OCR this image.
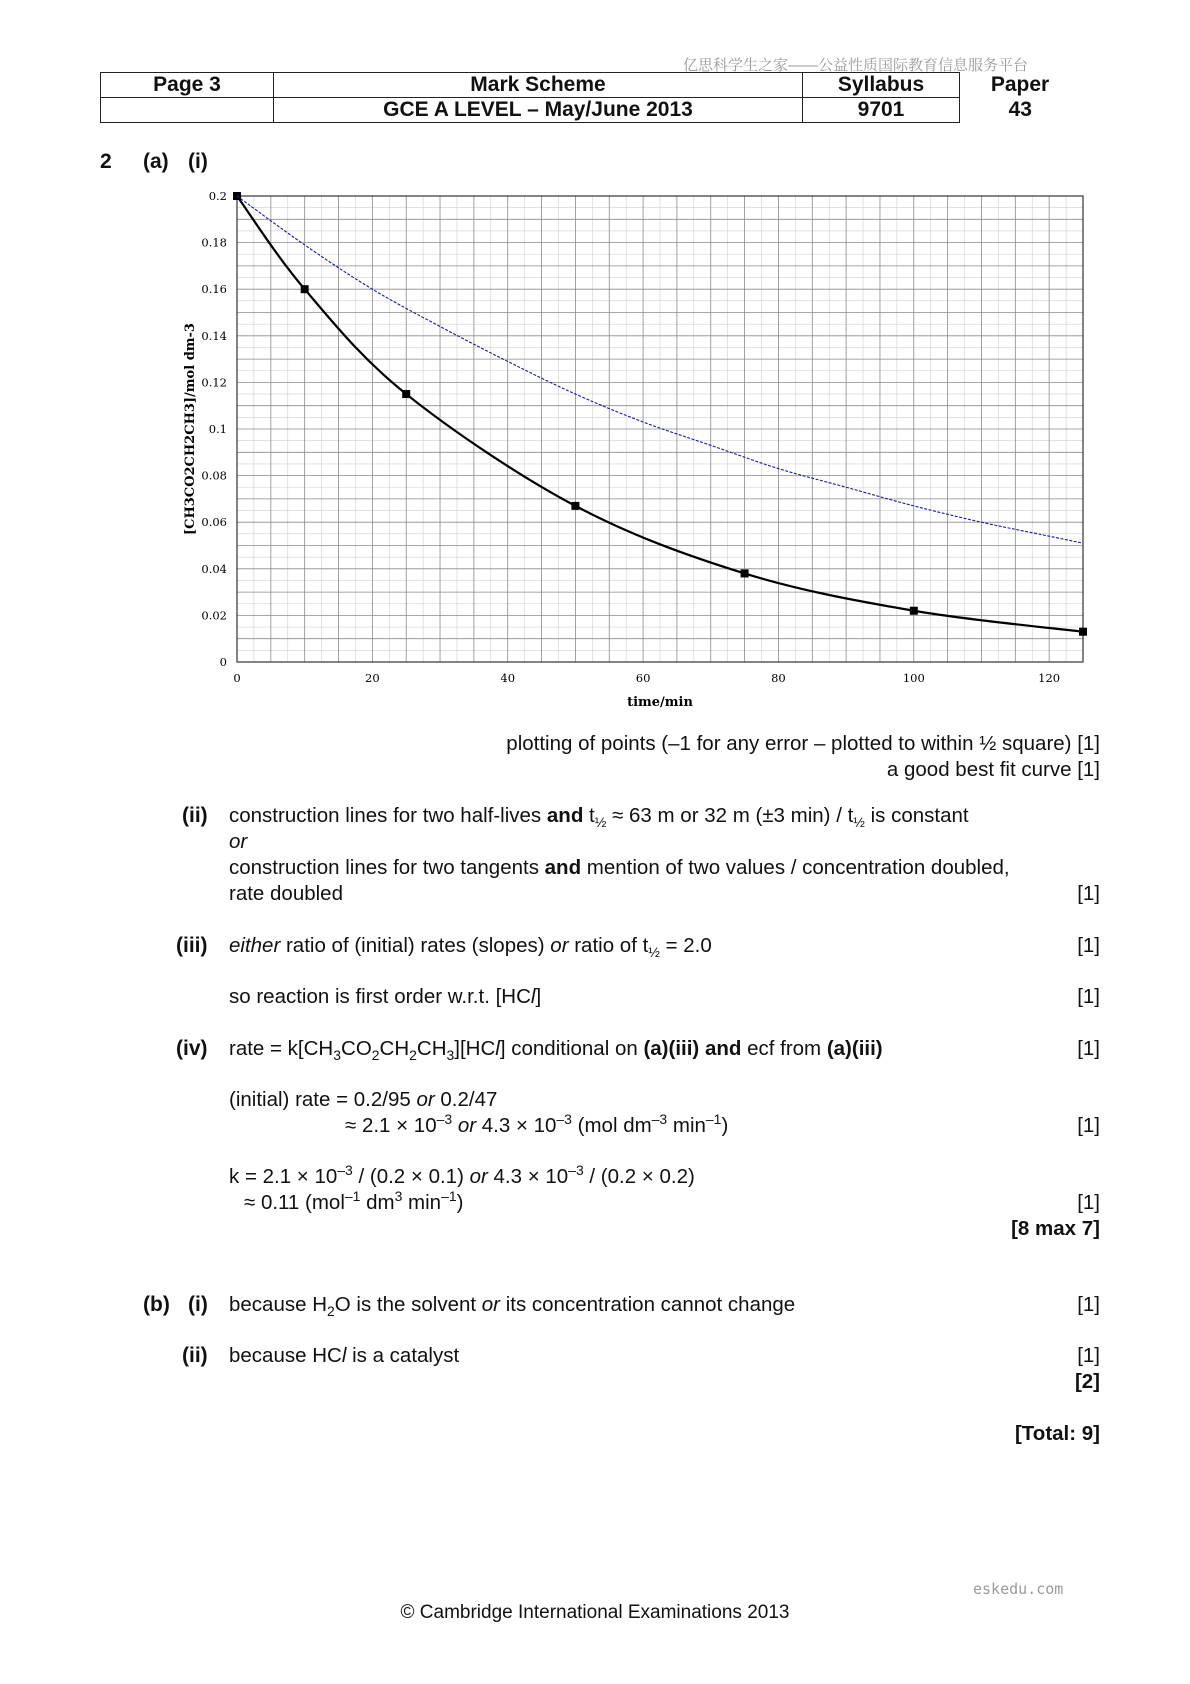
亿思科学生之家——公益性质国际教育信息服务平台
Page 3	Mark Scheme	Syllabus	Paper
	GCE A LEVEL – May/June 2013	9701	43
2 (a) (i)
0
0.02
0.04
0.06
0.08
0.1
0.12
0.14
0.16
0.18
0.2
0	20	40	60	80	100	120
time/min
[CH3CO2CH2CH3]/mol dm-3
plotting of points (–1 for any error – plotted to within ½ square) [1]
a good best fit curve [1]
(ii) construction lines for two half-lives and $t_{\frac{1}{2}} \approx 63$ m or 32 m (±3 $\min) / t_{\frac{1}{2}}$ is constant
or
construction lines for two tangents and mention of two values / concentration doubled,
rate doubled	[1]
(iii) either ratio of (initial) rates (slopes) or ratio of $t_{\frac{1}{2}} = 2.0$	[1]
so reaction is first order w.r.t. [HCl]	[1]
(iv) rate = $k[CH_3CO_2CH_2CH_3][HCl]$ conditional on (a)(iii) and ecf from (a)(iii)	[1]
(initial) rate = 0.2/95 or 0.2/47
≈ $2.1 \times 10^{-3}$ or $4.3 \times 10^{-3}$ (mol $dm^{-3}$ $\min^{-1}$)	[1]
$k = 2.1 \times 10^{-3} / (0.2 \times 0.1)$ or $4.3 \times 10^{-3} / (0.2 \times 0.2)$
≈ 0.11 (mol$^{-1}$ $dm^3$ $\min^{-1}$)	[1]
[8 max 7]
(b) (i) because $H_2O$ is the solvent or its concentration cannot change	[1]
(ii) because HCl is a catalyst	[1]
[2]
[Total: 9]
eskedu.com
© Cambridge International Examinations 2013
